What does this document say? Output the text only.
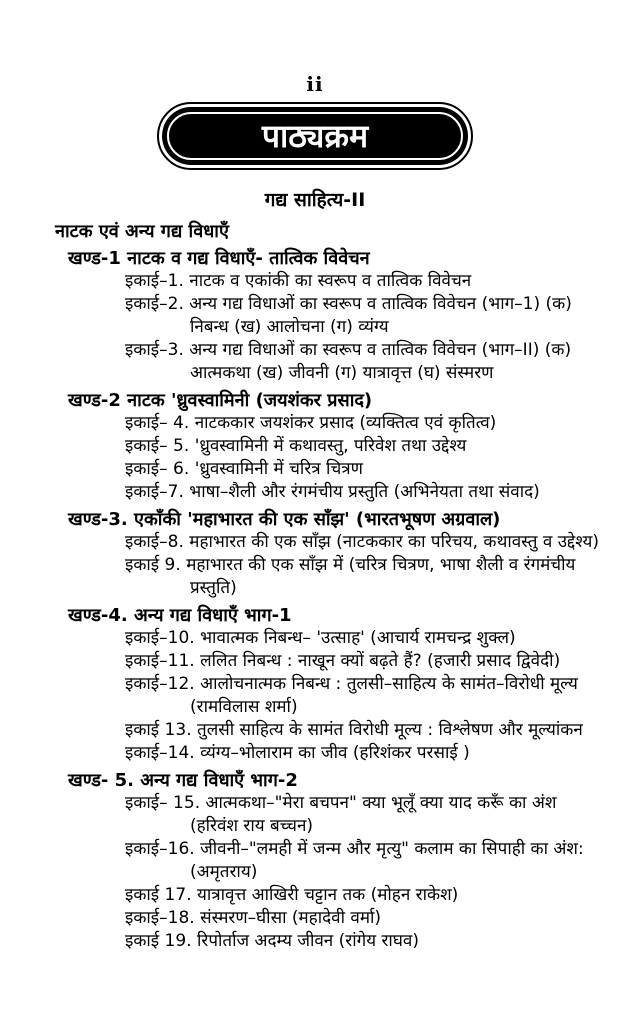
ii
पाठ्यक्रम
गद्य साहित्य-II
नाटक एवं अन्य गद्य विधाएँ
खण्ड-1 नाटक व गद्य विधाएँ- तात्विक विवेचन
इकाई–1. नाटक व एकांकी का स्वरूप व तात्विक विवेचन
इकाई–2. अन्य गद्य विधाओं का स्वरूप व तात्विक विवेचन (भाग–1) (क) निबन्ध (ख) आलोचना (ग) व्यंग्य
इकाई–3. अन्य गद्य विधाओं का स्वरूप व तात्विक विवेचन (भाग–II) (क) आत्मकथा (ख) जीवनी (ग) यात्रावृत्त (घ) संस्मरण
खण्ड-2 नाटक 'ध्रुवस्वामिनी (जयशंकर प्रसाद)
इकाई– 4. नाटककार जयशंकर प्रसाद (व्यक्तित्व एवं कृतित्व)
इकाई– 5. 'ध्रुवस्वामिनी में कथावस्तु, परिवेश तथा उद्देश्य
इकाई– 6. 'ध्रुवस्वामिनी में चरित्र चित्रण
इकाई–7. भाषा–शैली और रंगमंचीय प्रस्तुति (अभिनेयता तथा संवाद)
खण्ड-3. एकाँकी 'महाभारत की एक साँझ' (भारतभूषण अग्रवाल)
इकाई–8. महाभारत की एक साँझ (नाटककार का परिचय, कथावस्तु व उद्देश्य)
इकाई 9. महाभारत की एक साँझ में (चरित्र चित्रण, भाषा शैली व रंगमंचीय प्रस्तुति)
खण्ड-4. अन्य गद्य विधाएँ भाग-1
इकाई–10. भावात्मक निबन्ध– 'उत्साह' (आचार्य रामचन्द्र शुक्ल)
इकाई–11. ललित निबन्ध : नाखून क्यों बढ़ते हैं? (हजारी प्रसाद द्विवेदी)
इकाई–12. आलोचनात्मक निबन्ध : तुलसी–साहित्य के सामंत–विरोधी मूल्य (रामविलास शर्मा)
इकाई 13. तुलसी साहित्य के सामंत विरोधी मूल्य : विश्लेषण और मूल्यांकन
इकाई–14. व्यंग्य–भोलाराम का जीव (हरिशंकर परसाई )
खण्ड- 5. अन्य गद्य विधाएँ भाग-2
इकाई– 15. आत्मकथा–"मेरा बचपन" क्या भूलूँ क्या याद करूँ का अंश (हरिवंश राय बच्चन)
इकाई–16. जीवनी–"लमही में जन्म और मृत्यु" कलाम का सिपाही का अंश: (अमृतराय)
इकाई 17. यात्रावृत्त आखिरी चट्टान तक (मोहन राकेश)
इकाई–18. संस्मरण–घीसा (महादेवी वर्मा)
इकाई 19. रिपोर्ताज अदम्य जीवन (रांगेय राघव)
